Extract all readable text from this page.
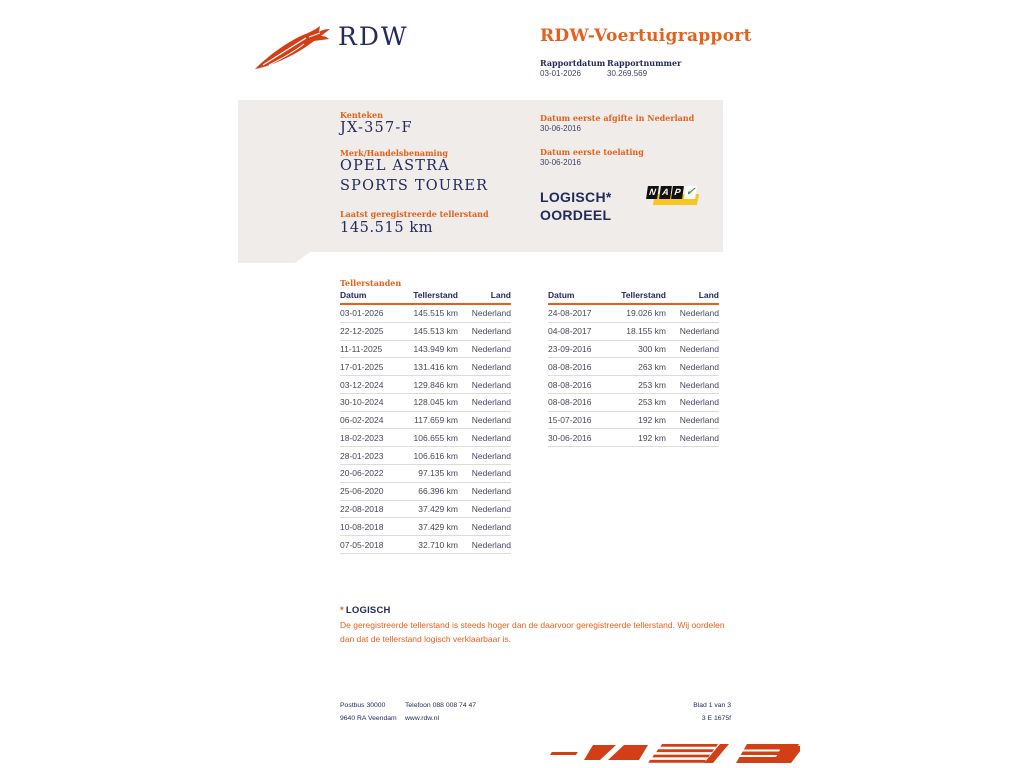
RDW	RDW-Voertuigrapport
Rapportdatum Rapportnummer
03-01-2026	30.269.569
Kenteken
JX-357-F
Merk/Handelsbenaming
OPEL ASTRA
SPORTS TOURER
Laatst geregistreerde tellerstand
145.515 km
Datum eerste afgifte in Nederland
30-06-2016
Datum eerste toelating
30-06-2016
LOGISCH*
OORDEEL
N A P ✓
Tellerstanden
Datum	Tellerstand	Land
03-01-2026	145.515 km	Nederland
22-12-2025	145.513 km	Nederland
11-11-2025	143.949 km	Nederland
17-01-2025	131.416 km	Nederland
03-12-2024	129.846 km	Nederland
30-10-2024	128.045 km	Nederland
06-02-2024	117.659 km	Nederland
18-02-2023	106.655 km	Nederland
28-01-2023	106.616 km	Nederland
20-06-2022	97.135 km	Nederland
25-06-2020	66.396 km	Nederland
22-08-2018	37.429 km	Nederland
10-08-2018	37.429 km	Nederland
07-05-2018	32.710 km	Nederland
Datum	Tellerstand	Land
24-08-2017	19.026 km	Nederland
04-08-2017	18.155 km	Nederland
23-09-2016	300 km	Nederland
08-08-2016	263 km	Nederland
08-08-2016	253 km	Nederland
08-08-2016	253 km	Nederland
15-07-2016	192 km	Nederland
30-06-2016	192 km	Nederland
* LOGISCH
De geregistreerde tellerstand is steeds hoger dan de daarvoor geregistreerde tellerstand. Wij oordelen dan dat de tellerstand logisch verklaarbaar is.
Postbus 30000
9640 RA Veendam
Telefoon 088 008 74 47
www.rdw.nl
Blad 1 van 3
3 E 1675f
